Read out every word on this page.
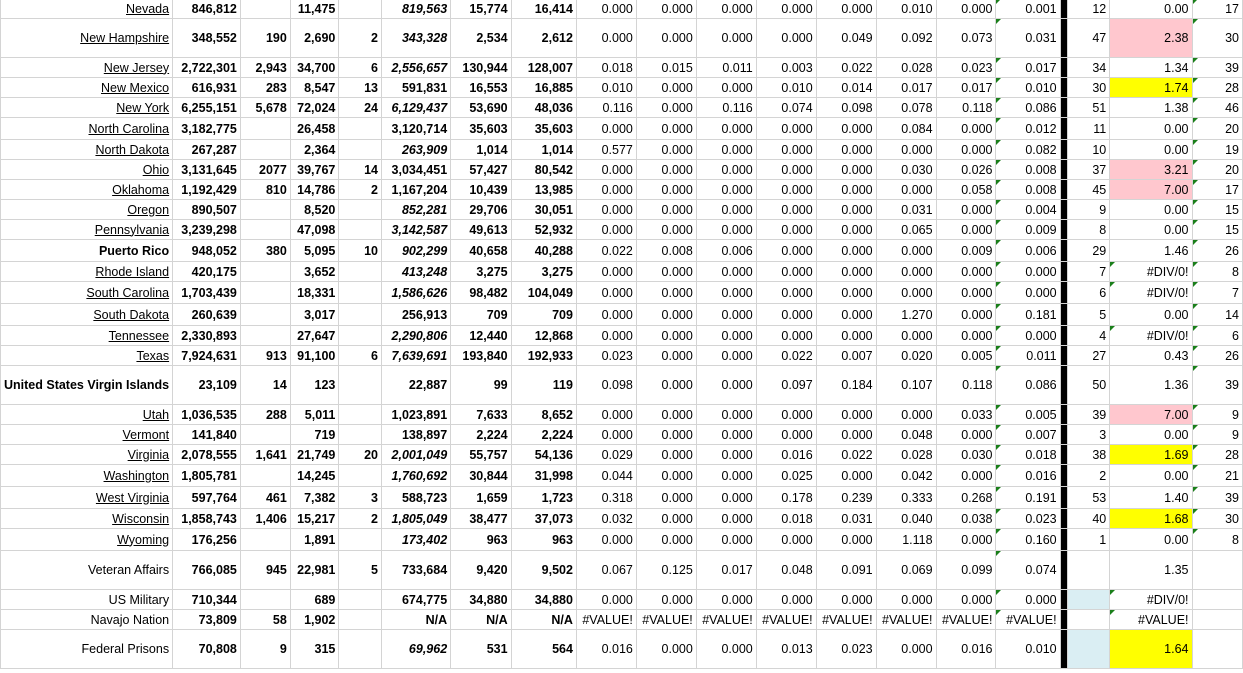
Nevada	846,812		11,475		819,563	15,774	16,414	0.000	0.000	0.000	0.000	0.000	0.010	0.000	0.001		12	0.00	17
New Hampshire	348,552	190	2,690	2	343,328	2,534	2,612	0.000	0.000	0.000	0.000	0.049	0.092	0.073	0.031		47	2.38	30
New Jersey	2,722,301	2,943	34,700	6	2,556,657	130,944	128,007	0.018	0.015	0.011	0.003	0.022	0.028	0.023	0.017		34	1.34	39
New Mexico	616,931	283	8,547	13	591,831	16,553	16,885	0.010	0.000	0.000	0.010	0.014	0.017	0.017	0.010		30	1.74	28
New York	6,255,151	5,678	72,024	24	6,129,437	53,690	48,036	0.116	0.000	0.116	0.074	0.098	0.078	0.118	0.086		51	1.38	46
North Carolina	3,182,775		26,458		3,120,714	35,603	35,603	0.000	0.000	0.000	0.000	0.000	0.084	0.000	0.012		11	0.00	20
North Dakota	267,287		2,364		263,909	1,014	1,014	0.577	0.000	0.000	0.000	0.000	0.000	0.000	0.082		10	0.00	19
Ohio	3,131,645	2077	39,767	14	3,034,451	57,427	80,542	0.000	0.000	0.000	0.000	0.000	0.030	0.026	0.008		37	3.21	20
Oklahoma	1,192,429	810	14,786	2	1,167,204	10,439	13,985	0.000	0.000	0.000	0.000	0.000	0.000	0.058	0.008		45	7.00	17
Oregon	890,507		8,520		852,281	29,706	30,051	0.000	0.000	0.000	0.000	0.000	0.031	0.000	0.004		9	0.00	15
Pennsylvania	3,239,298		47,098		3,142,587	49,613	52,932	0.000	0.000	0.000	0.000	0.000	0.065	0.000	0.009		8	0.00	15
Puerto Rico	948,052	380	5,095	10	902,299	40,658	40,288	0.022	0.008	0.006	0.000	0.000	0.000	0.009	0.006		29	1.46	26
Rhode Island	420,175		3,652		413,248	3,275	3,275	0.000	0.000	0.000	0.000	0.000	0.000	0.000	0.000		7	#DIV/0!	8
South Carolina	1,703,439		18,331		1,586,626	98,482	104,049	0.000	0.000	0.000	0.000	0.000	0.000	0.000	0.000		6	#DIV/0!	7
South Dakota	260,639		3,017		256,913	709	709	0.000	0.000	0.000	0.000	0.000	1.270	0.000	0.181		5	0.00	14
Tennessee	2,330,893		27,647		2,290,806	12,440	12,868	0.000	0.000	0.000	0.000	0.000	0.000	0.000	0.000		4	#DIV/0!	6
Texas	7,924,631	913	91,100	6	7,639,691	193,840	192,933	0.023	0.000	0.000	0.022	0.007	0.020	0.005	0.011		27	0.43	26
United States Virgin Islands	23,109	14	123		22,887	99	119	0.098	0.000	0.000	0.097	0.184	0.107	0.118	0.086		50	1.36	39
Utah	1,036,535	288	5,011		1,023,891	7,633	8,652	0.000	0.000	0.000	0.000	0.000	0.000	0.033	0.005		39	7.00	9
Vermont	141,840		719		138,897	2,224	2,224	0.000	0.000	0.000	0.000	0.000	0.048	0.000	0.007		3	0.00	9
Virginia	2,078,555	1,641	21,749	20	2,001,049	55,757	54,136	0.029	0.000	0.000	0.016	0.022	0.028	0.030	0.018		38	1.69	28
Washington	1,805,781		14,245		1,760,692	30,844	31,998	0.044	0.000	0.000	0.025	0.000	0.042	0.000	0.016		2	0.00	21
West Virginia	597,764	461	7,382	3	588,723	1,659	1,723	0.318	0.000	0.000	0.178	0.239	0.333	0.268	0.191		53	1.40	39
Wisconsin	1,858,743	1,406	15,217	2	1,805,049	38,477	37,073	0.032	0.000	0.000	0.018	0.031	0.040	0.038	0.023		40	1.68	30
Wyoming	176,256		1,891		173,402	963	963	0.000	0.000	0.000	0.000	0.000	1.118	0.000	0.160		1	0.00	8
Veteran Affairs	766,085	945	22,981	5	733,684	9,420	9,502	0.067	0.125	0.017	0.048	0.091	0.069	0.099	0.074			1.35	
US Military	710,344		689		674,775	34,880	34,880	0.000	0.000	0.000	0.000	0.000	0.000	0.000	0.000			#DIV/0!	
Navajo Nation	73,809	58	1,902		N/A	N/A	N/A	#VALUE!	#VALUE!	#VALUE!	#VALUE!	#VALUE!	#VALUE!	#VALUE!	#VALUE!			#VALUE!	
Federal Prisons	70,808	9	315		69,962	531	564	0.016	0.000	0.000	0.013	0.023	0.000	0.016	0.010			1.64	
